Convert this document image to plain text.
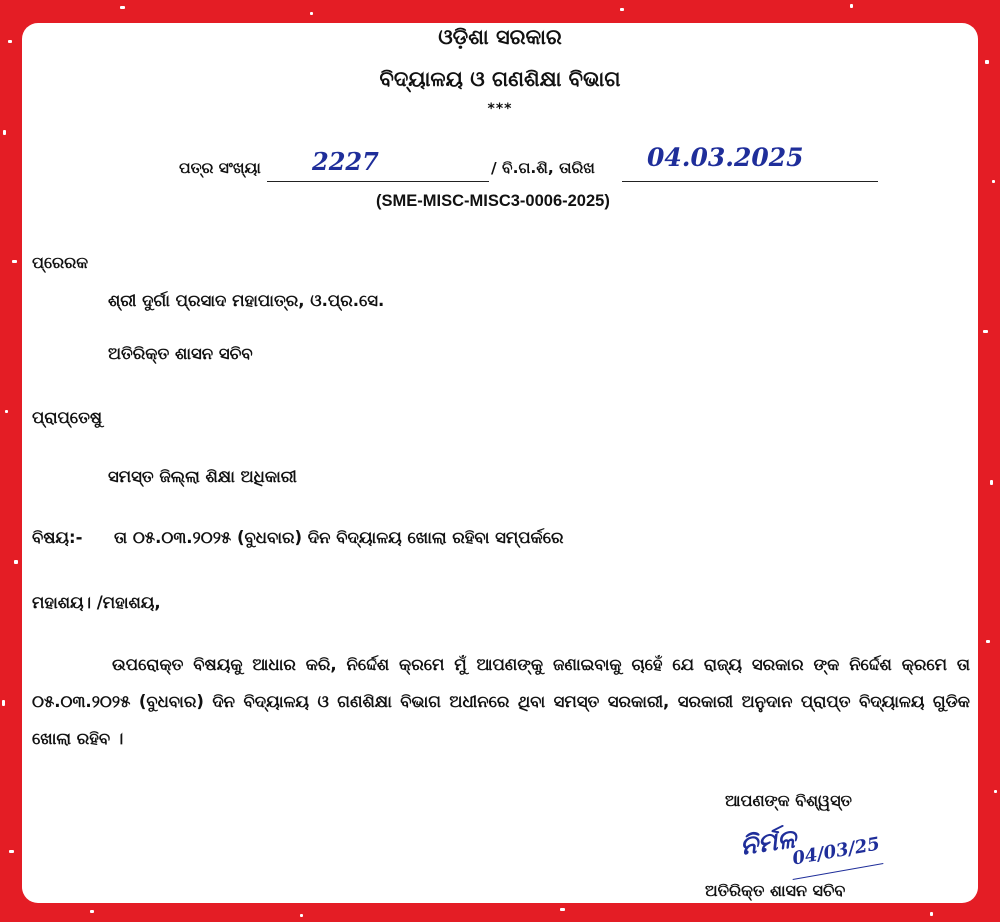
ଓଡ଼ିଶା ସରକାର
ବିଦ୍ୟାଳୟ ଓ ଗଣଶିକ୍ଷା ବିଭାଗ
***
ପତ୍ର ସଂଖ୍ୟା 2227	/ ବି.ଗ.ଶି, ତାରିଖ 04.03.2025
(SME-MISC-MISC3-0006-2025)
ପ୍ରେରକ
ଶ୍ରୀ ଦୁର୍ଗା ପ୍ରସାଦ ମହାପାତ୍ର, ଓ.ପ୍ର.ସେ.
ଅତିରିକ୍ତ ଶାସନ ସଚିବ
ପ୍ରାପ୍ତେଷୁ
ସମସ୍ତ ଜିଲ୍ଲା ଶିକ୍ଷା ଅଧିକାରୀ
ବିଷୟ:- ତା ୦୫.୦୩.୨୦୨୫ (ବୁଧବାର) ଦିନ ବିଦ୍ୟାଳୟ ଖୋଲା ରହିବା ସମ୍ପର୍କରେ
ମହାଶୟ। /ମହାଶୟ,
ଉପରୋକ୍ତ ବିଷୟକୁ ଆଧାର କରି, ନିର୍ଦ୍ଦେଶ କ୍ରମେ ମୁଁ ଆପଣଙ୍କୁ ଜଣାଇବାକୁ ଚାହେଁ ଯେ ରାଜ୍ୟ ସରକାର ଙ୍କ ନିର୍ଦ୍ଦେଶ କ୍ରମେ ତା ୦୫.୦୩.୨୦୨୫ (ବୁଧବାର) ଦିନ ବିଦ୍ୟାଳୟ ଓ ଗଣଶିକ୍ଷା ବିଭାଗ ଅଧୀନରେ ଥିବା ସମସ୍ତ ସରକାରୀ, ସରକାରୀ ଅନୁଦାନ ପ୍ରାପ୍ତ ବିଦ୍ୟାଳୟ ଗୁଡିକ ଖୋଲା ରହିବ ।
ଆପଣଙ୍କ ବିଶ୍ୱସ୍ତ
ନିର୍ମଳ
04/03/25
ଅତିରିକ୍ତ ଶାସନ ସଚିବ
